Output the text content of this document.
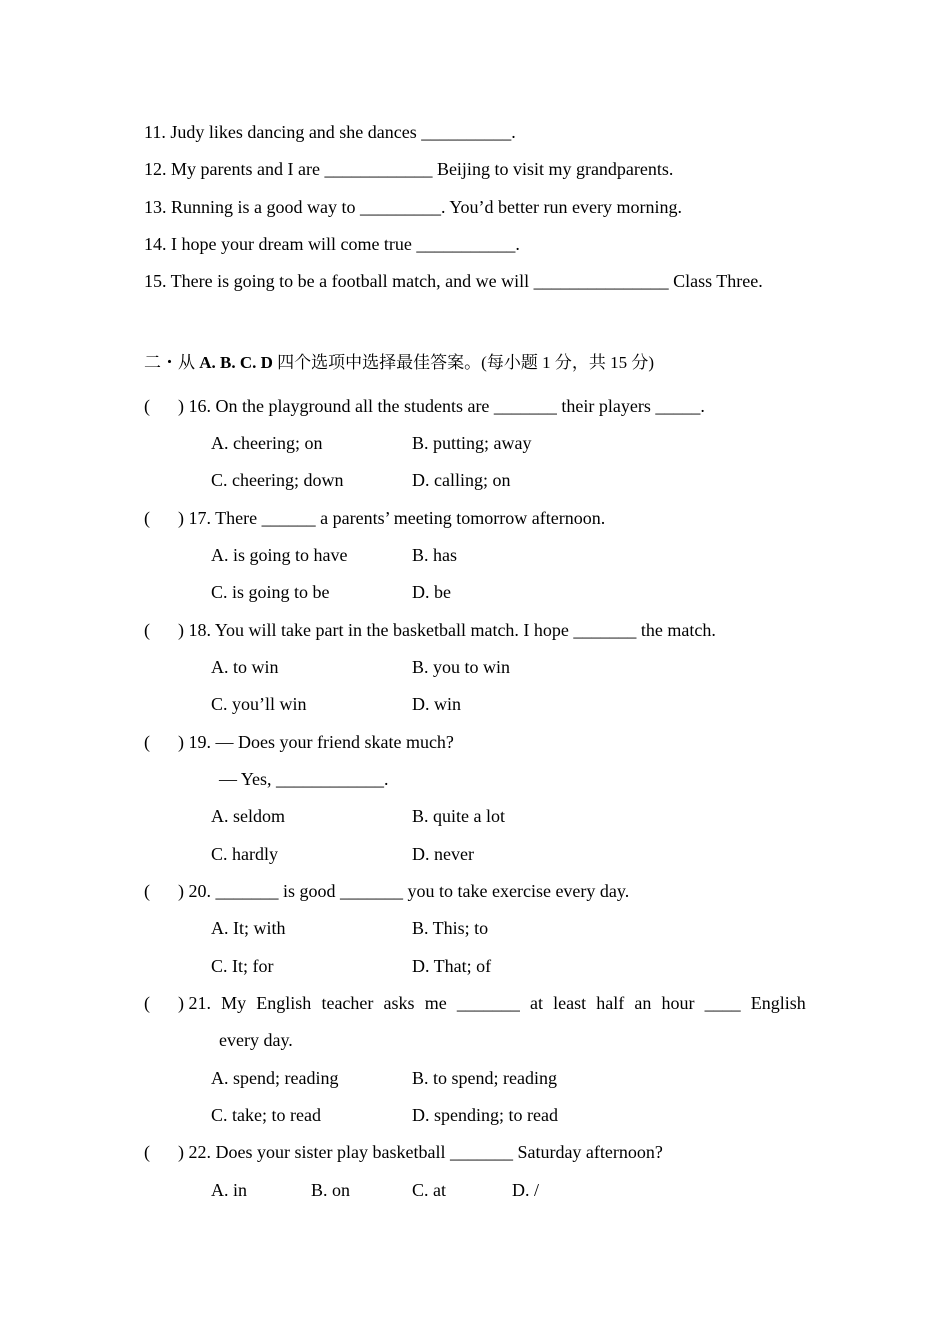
11. Judy likes dancing and she dances __________.
12. My parents and I are ____________ Beijing to visit my grandparents.
13. Running is a good way to _________. You’d better run every morning.
14. I hope your dream will come true ___________.
15. There is going to be a football match, and we will _______________ Class Three.
二・从 A. B. C. D 四个选项中选择最佳答案。(每小题 1 分，共 15 分)
( ) 16. On the playground all the students are _______ their players _____.
A. cheering; on	B. putting; away
C. cheering; down	D. calling; on
( ) 17. There ______ a parents’ meeting tomorrow afternoon.
A. is going to have	B. has
C. is going to be	D. be
( ) 18. You will take part in the basketball match. I hope _______ the match.
A. to win	B. you to win
C. you’ll win	D. win
( ) 19. — Does your friend skate much?
— Yes, ____________.
A. seldom	B. quite a lot
C. hardly	D. never
( ) 20. _______ is good _______ you to take exercise every day.
A. It; with	B. This; to
C. It; for	D. That; of
( ) 21. My English teacher asks me _______ at least half an hour ____ English
every day.
A. spend; reading	B. to spend; reading
C. take; to read	D. spending; to read
( ) 22. Does your sister play basketball _______ Saturday afternoon?
A. in	B. on	C. at	D. /
